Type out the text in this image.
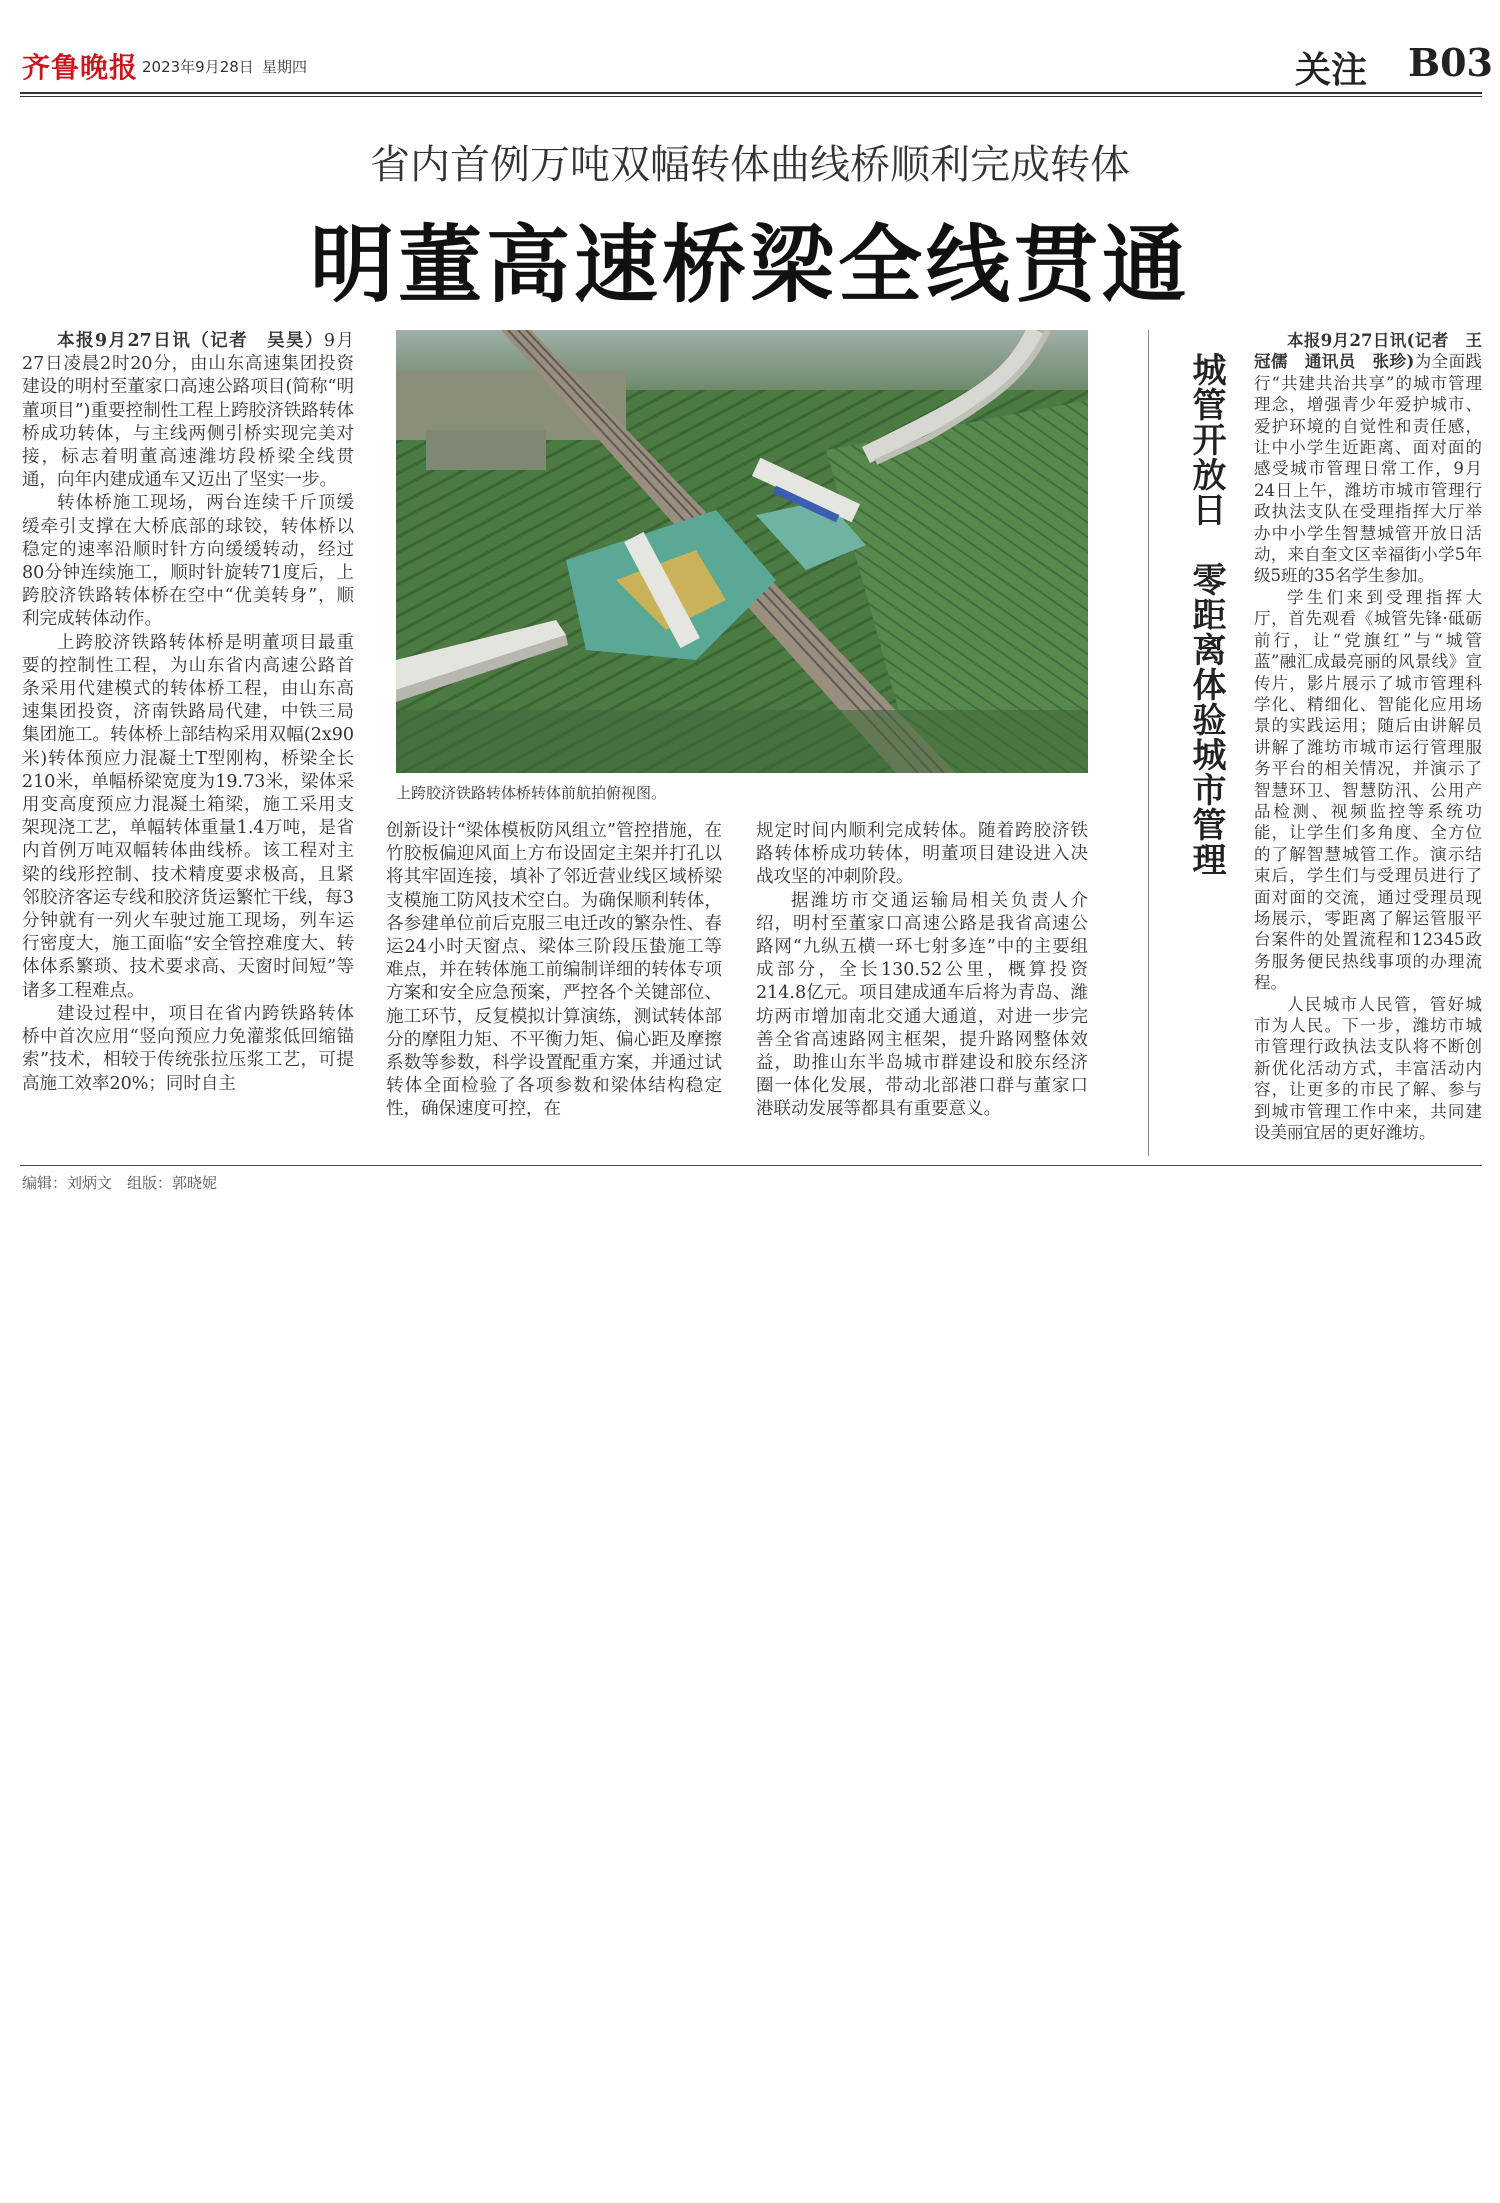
齐鲁晚报 2023年9月28日 星期四	关注 B03
省内首例万吨双幅转体曲线桥顺利完成转体
明董高速桥梁全线贯通

本报9月27日讯（记者　吴昊）9月27日凌晨2时20分，由山东高速集团投资建设的明村至董家口高速公路项目(简称“明董项目”)重要控制性工程上跨胶济铁路转体桥成功转体，与主线两侧引桥实现完美对接，标志着明董高速潍坊段桥梁全线贯通，向年内建成通车又迈出了坚实一步。

转体桥施工现场，两台连续千斤顶缓缓牵引支撑在大桥底部的球铰，转体桥以稳定的速率沿顺时针方向缓缓转动，经过80分钟连续施工，顺时针旋转71度后，上跨胶济铁路转体桥在空中“优美转身”，顺利完成转体动作。

上跨胶济铁路转体桥是明董项目最重要的控制性工程，为山东省内高速公路首条采用代建模式的转体桥工程，由山东高速集团投资，济南铁路局代建，中铁三局集团施工。转体桥上部结构采用双幅(2x90米)转体预应力混凝土T型刚构，桥梁全长210米，单幅桥梁宽度为19.73米，梁体采用变高度预应力混凝土箱梁，施工采用支架现浇工艺，单幅转体重量1.4万吨，是省内首例万吨双幅转体曲线桥。该工程对主梁的线形控制、技术精度要求极高，且紧邻胶济客运专线和胶济货运繁忙干线，每3分钟就有一列火车驶过施工现场，列车运行密度大，施工面临“安全管控难度大、转体体系繁琐、技术要求高、天窗时间短”等诸多工程难点。

建设过程中，项目在省内跨铁路转体桥中首次应用“竖向预应力免灌浆低回缩锚索”技术，相较于传统张拉压浆工艺，可提高施工效率20%；同时自主

上跨胶济铁路转体桥转体前航拍俯视图。

创新设计“梁体模板防风组立”管控措施，在竹胶板偏迎风面上方布设固定主架并打孔以将其牢固连接，填补了邻近营业线区域桥梁支模施工防风技术空白。为确保顺利转体，各参建单位前后克服三电迁改的繁杂性、春运24小时天窗点、梁体三阶段压蛰施工等难点，并在转体施工前编制详细的转体专项方案和安全应急预案，严控各个关键部位、施工环节，反复模拟计算演练，测试转体部分的摩阻力矩、不平衡力矩、偏心距及摩擦系数等参数，科学设置配重方案，并通过试转体全面检验了各项参数和梁体结构稳定性，确保速度可控，在

规定时间内顺利完成转体。随着跨胶济铁路转体桥成功转体，明董项目建设进入决战攻坚的冲刺阶段。

据潍坊市交通运输局相关负责人介绍，明村至董家口高速公路是我省高速公路网“九纵五横一环七射多连”中的主要组成部分，全长130.52公里，概算投资214.8亿元。项目建成通车后将为青岛、潍坊两市增加南北交通大通道，对进一步完善全省高速路网主框架，提升路网整体效益，助推山东半岛城市群建设和胶东经济圈一体化发展，带动北部港口群与董家口港联动发展等都具有重要意义。

城管开放日　零距离体验城市管理

本报9月27日讯(记者　王冠儒　通讯员　张珍)为全面践行“共建共治共享”的城市管理理念，增强青少年爱护城市、爱护环境的自觉性和责任感，让中小学生近距离、面对面的感受城市管理日常工作，9月24日上午，潍坊市城市管理行政执法支队在受理指挥大厅举办中小学生智慧城管开放日活动，来自奎文区幸福街小学5年级5班的35名学生参加。

学生们来到受理指挥大厅，首先观看《城管先锋·砥砺前行，让“党旗红”与“城管蓝”融汇成最亮丽的风景线》宣传片，影片展示了城市管理科学化、精细化、智能化应用场景的实践运用；随后由讲解员讲解了潍坊市城市运行管理服务平台的相关情况，并演示了智慧环卫、智慧防汛、公用产品检测、视频监控等系统功能，让学生们多角度、全方位的了解智慧城管工作。演示结束后，学生们与受理员进行了面对面的交流，通过受理员现场展示，零距离了解运管服平台案件的处置流程和12345政务服务便民热线事项的办理流程。

人民城市人民管，管好城市为人民。下一步，潍坊市城市管理行政执法支队将不断创新优化活动方式，丰富活动内容，让更多的市民了解、参与到城市管理工作中来，共同建设美丽宜居的更好潍坊。

编辑：刘炳文　组版：郭晓妮
